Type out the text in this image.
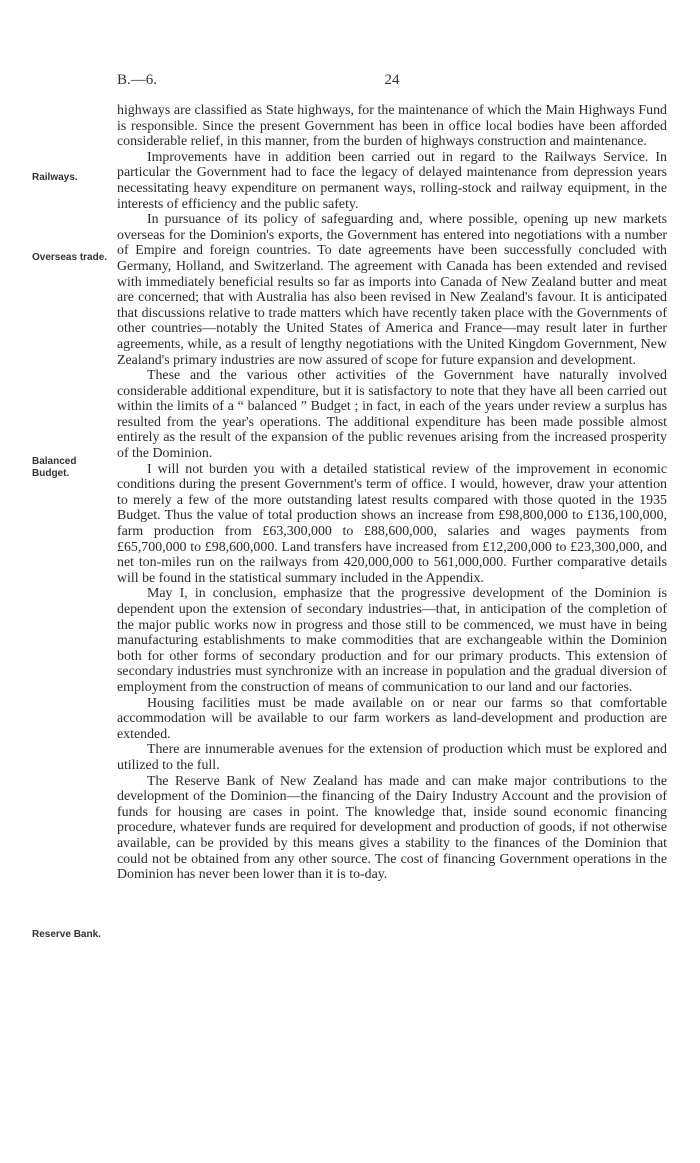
B.—6.	24
Railways.
Overseas trade.
Balanced Budget.
Reserve Bank.

highways are classified as State highways, for the maintenance of which the Main Highways Fund is responsible. Since the present Government has been in office local bodies have been afforded considerable relief, in this manner, from the burden of highways construction and maintenance.

Improvements have in addition been carried out in regard to the Railways Service. In particular the Government had to face the legacy of delayed maintenance from depression years necessitating heavy expenditure on permanent ways, rolling-stock and railway equipment, in the interests of efficiency and the public safety.

In pursuance of its policy of safeguarding and, where possible, opening up new markets overseas for the Dominion's exports, the Government has entered into negotiations with a number of Empire and foreign countries. To date agreements have been successfully concluded with Germany, Holland, and Switzerland. The agreement with Canada has been extended and revised with immediately beneficial results so far as imports into Canada of New Zealand butter and meat are concerned; that with Australia has also been revised in New Zealand's favour. It is anticipated that discussions relative to trade matters which have recently taken place with the Governments of other countries—notably the United States of America and France—may result later in further agreements, while, as a result of lengthy negotiations with the United Kingdom Government, New Zealand's primary industries are now assured of scope for future expansion and development.

These and the various other activities of the Government have naturally involved considerable additional expenditure, but it is satisfactory to note that they have all been carried out within the limits of a “ balanced ” Budget ; in fact, in each of the years under review a surplus has resulted from the year's operations. The additional expenditure has been made possible almost entirely as the result of the expansion of the public revenues arising from the increased prosperity of the Dominion.

I will not burden you with a detailed statistical review of the improvement in economic conditions during the present Government's term of office. I would, however, draw your attention to merely a few of the more outstanding latest results compared with those quoted in the 1935 Budget. Thus the value of total production shows an increase from £98,800,000 to £136,100,000, farm production from £63,300,000 to £88,600,000, salaries and wages payments from £65,700,000 to £98,600,000. Land transfers have increased from £12,200,000 to £23,300,000, and net ton-miles run on the railways from 420,000,000 to 561,000,000. Further comparative details will be found in the statistical summary included in the Appendix.

May I, in conclusion, emphasize that the progressive development of the Dominion is dependent upon the extension of secondary industries—that, in anticipation of the completion of the major public works now in progress and those still to be commenced, we must have in being manufacturing establishments to make commodities that are exchangeable within the Dominion both for other forms of secondary production and for our primary products. This extension of secondary industries must synchronize with an increase in population and the gradual diversion of employment from the construction of means of communication to our land and our factories.

Housing facilities must be made available on or near our farms so that comfortable accommodation will be available to our farm workers as land-development and production are extended.

There are innumerable avenues for the extension of production which must be explored and utilized to the full.

The Reserve Bank of New Zealand has made and can make major contributions to the development of the Dominion—the financing of the Dairy Industry Account and the provision of funds for housing are cases in point. The knowledge that, inside sound economic financing procedure, whatever funds are required for development and production of goods, if not otherwise available, can be provided by this means gives a stability to the finances of the Dominion that could not be obtained from any other source. The cost of financing Government operations in the Dominion has never been lower than it is to-day.
